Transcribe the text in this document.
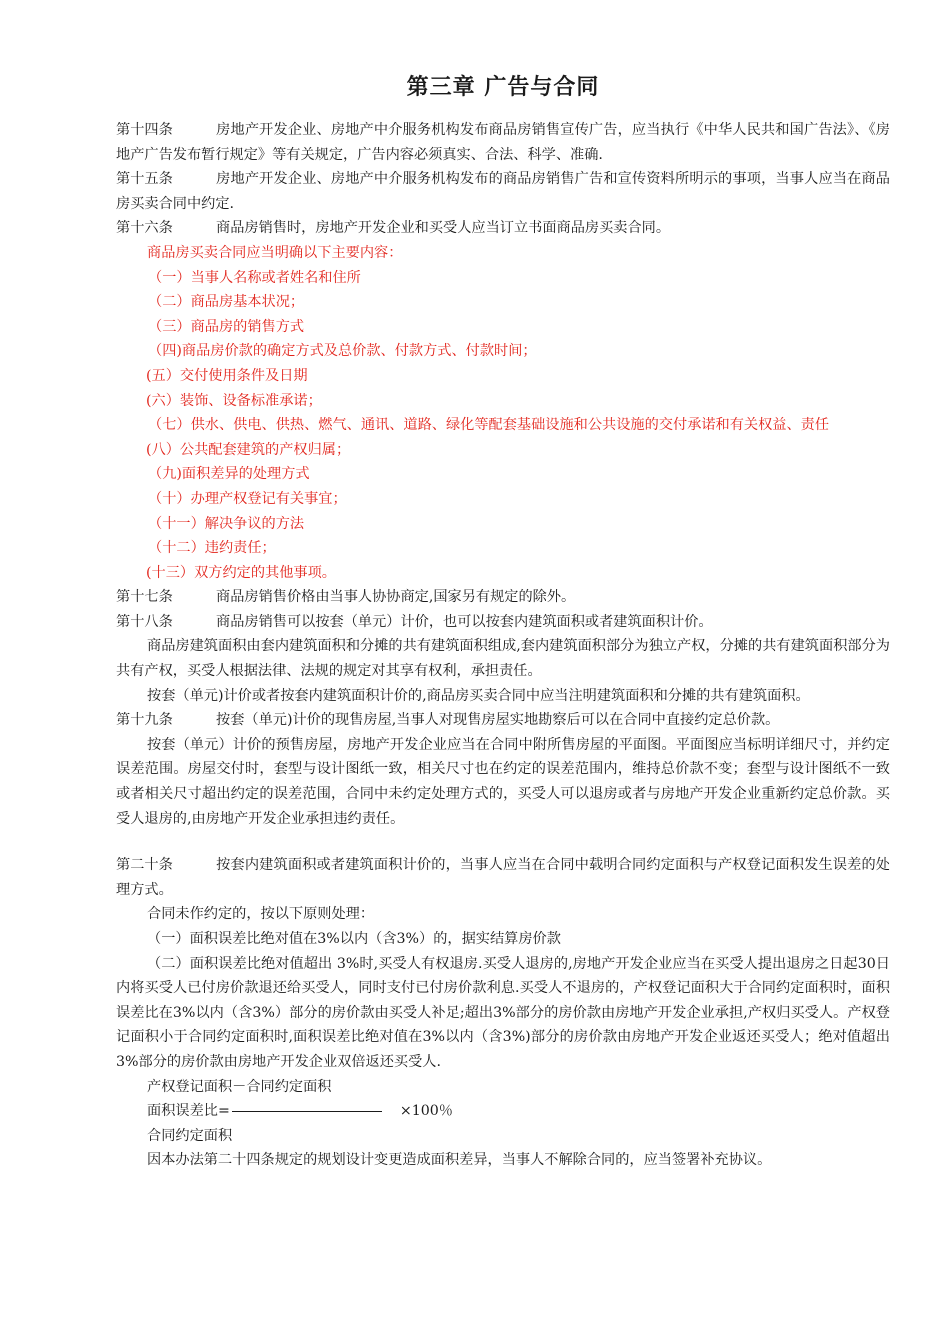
第三章 广告与合同

第十四条	房地产开发企业、房地产中介服务机构发布商品房销售宣传广告，应当执行《中华人民共和国广告法》、《房地产广告发布暂行规定》等有关规定，广告内容必须真实、合法、科学、准确.

第十五条	房地产开发企业、房地产中介服务机构发布的商品房销售广告和宣传资料所明示的事项，当事人应当在商品房买卖合同中约定.

第十六条	商品房销售时，房地产开发企业和买受人应当订立书面商品房买卖合同。

商品房买卖合同应当明确以下主要内容：

（一）当事人名称或者姓名和住所

（二）商品房基本状况；

（三）商品房的销售方式

（四)商品房价款的确定方式及总价款、付款方式、付款时间；

(五）交付使用条件及日期

(六）装饰、设备标准承诺；

（七）供水、供电、供热、燃气、通讯、道路、绿化等配套基础设施和公共设施的交付承诺和有关权益、责任

(八）公共配套建筑的产权归属；

（九)面积差异的处理方式

（十）办理产权登记有关事宜；

（十一）解决争议的方法

（十二）违约责任；

(十三）双方约定的其他事项。

第十七条	商品房销售价格由当事人协协商定,国家另有规定的除外。

第十八条	商品房销售可以按套（单元）计价，也可以按套内建筑面积或者建筑面积计价。

商品房建筑面积由套内建筑面积和分摊的共有建筑面积组成,套内建筑面积部分为独立产权，分摊的共有建筑面积部分为共有产权，买受人根据法律、法规的规定对其享有权利，承担责任。

按套（单元)计价或者按套内建筑面积计价的,商品房买卖合同中应当注明建筑面积和分摊的共有建筑面积。

第十九条	按套（单元)计价的现售房屋,当事人对现售房屋实地勘察后可以在合同中直接约定总价款。

按套（单元）计价的预售房屋，房地产开发企业应当在合同中附所售房屋的平面图。平面图应当标明详细尺寸，并约定误差范围。房屋交付时，套型与设计图纸一致，相关尺寸也在约定的误差范围内，维持总价款不变；套型与设计图纸不一致或者相关尺寸超出约定的误差范围，合同中未约定处理方式的，买受人可以退房或者与房地产开发企业重新约定总价款。买受人退房的,由房地产开发企业承担违约责任。

第二十条	按套内建筑面积或者建筑面积计价的，当事人应当在合同中载明合同约定面积与产权登记面积发生误差的处理方式。

合同未作约定的，按以下原则处理：

（一）面积误差比绝对值在3%以内（含3%）的，据实结算房价款

（二）面积误差比绝对值超出 3%时,买受人有权退房.买受人退房的,房地产开发企业应当在买受人提出退房之日起30日内将买受人已付房价款退还给买受人，同时支付已付房价款利息.买受人不退房的，产权登记面积大于合同约定面积时，面积误差比在3%以内（含3%）部分的房价款由买受人补足;超出3%部分的房价款由房地产开发企业承担,产权归买受人。产权登记面积小于合同约定面积时,面积误差比绝对值在3%以内（含3%)部分的房价款由房地产开发企业返还买受人；绝对值超出3%部分的房价款由房地产开发企业双倍返还买受人.

产权登记面积－合同约定面积

面积误差比=	×100％

合同约定面积

因本办法第二十四条规定的规划设计变更造成面积差异，当事人不解除合同的，应当签署补充协议。
